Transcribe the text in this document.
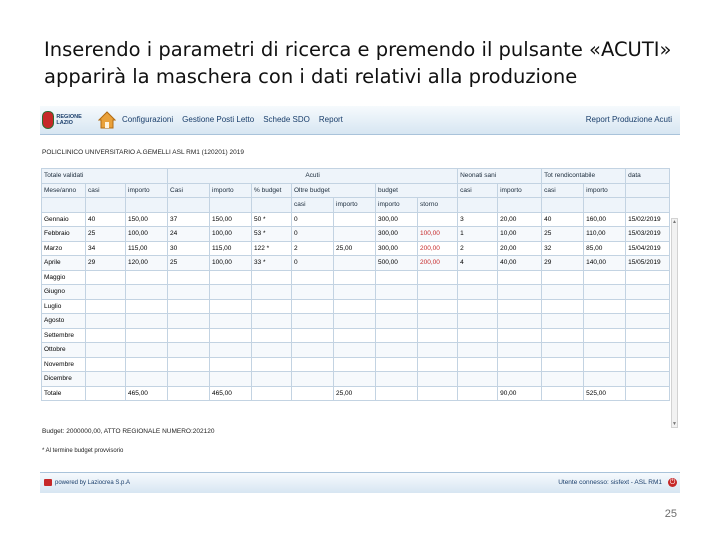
Inserendo i parametri di ricerca e premendo il pulsante «ACUTI» apparirà la maschera con i dati relativi alla produzione
REGIONE LAZIO	Configurazioni Gestione Posti Letto Schede SDO Report	Report Produzione Acuti
POLICLINICO UNIVERSITARIO A.GEMELLI ASL RM1 (120201) 2019
Totale validati			Acuti							Neonati sani		Tot rendicontabile		data
Mese/anno	casi	importo	Casi	importo	% budget	Oltre budget		budget		casi	importo	casi	importo	
						casi	importo	importo	storno					
Gennaio	40	150,00	37	150,00	50 *	0		300,00		3	20,00	40	160,00	15/02/2019
Febbraio	25	100,00	24	100,00	53 *	0		300,00	100,00	1	10,00	25	110,00	15/03/2019
Marzo	34	115,00	30	115,00	122 *	2	25,00	300,00	200,00	2	20,00	32	85,00	15/04/2019
Aprile	29	120,00	25	100,00	33 *	0		500,00	200,00	4	40,00	29	140,00	15/05/2019
Maggio														
Giugno														
Luglio														
Agosto														
Settembre														
Ottobre														
Novembre														
Dicembre														
Totale		465,00		465,00			25,00				90,00		525,00	
▲
▼
Budget: 2000000,00, ATTO REGIONALE NUMERO:202120
* Al termine budget provvisorio
powered by Laziocrea S.p.A	Utente connesso: sisfext - ASL RM1 ⏻
25
